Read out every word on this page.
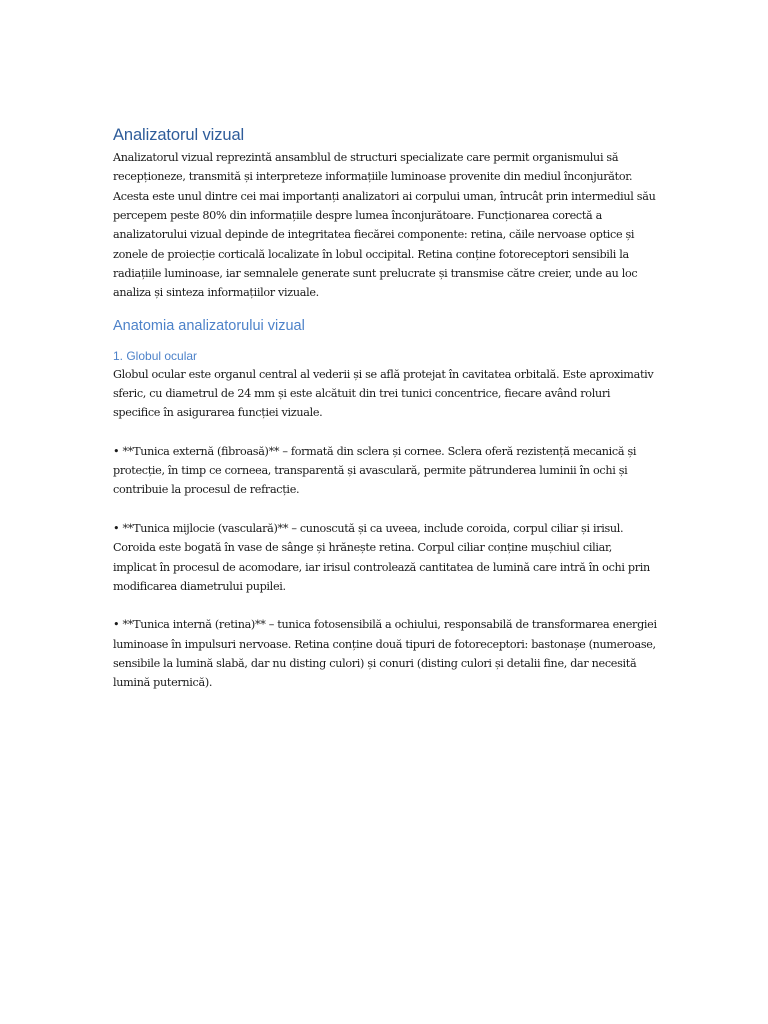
Analizatorul vizual

Analizatorul vizual reprezintă ansamblul de structuri specializate care permit organismului să recepționeze, transmită și interpreteze informațiile luminoase provenite din mediul înconjurător. Acesta este unul dintre cei mai importanți analizatori ai corpului uman, întrucât prin intermediul său percepem peste 80% din informațiile despre lumea înconjurătoare. Funcționarea corectă a analizatorului vizual depinde de integritatea fiecărei componente: retina, căile nervoase optice și zonele de proiecție corticală localizate în lobul occipital. Retina conține fotoreceptori sensibili la radiațiile luminoase, iar semnalele generate sunt prelucrate și transmise către creier, unde au loc analiza și sinteza informațiilor vizuale.

Anatomia analizatorului vizual
1. Globul ocular

Globul ocular este organul central al vederii și se află protejat în cavitatea orbitală. Este aproximativ sferic, cu diametrul de 24 mm și este alcătuit din trei tunici concentrice, fiecare având roluri specifice în asigurarea funcției vizuale.

• **Tunica externă (fibroasă)** – formată din sclera și cornee. Sclera oferă rezistență mecanică și protecție, în timp ce corneea, transparentă și avasculară, permite pătrunderea luminii în ochi și contribuie la procesul de refracție.

• **Tunica mijlocie (vasculară)** – cunoscută și ca uveea, include coroida, corpul ciliar și irisul. Coroida este bogată în vase de sânge și hrănește retina. Corpul ciliar conține mușchiul ciliar, implicat în procesul de acomodare, iar irisul controlează cantitatea de lumină care intră în ochi prin modificarea diametrului pupilei.

• **Tunica internă (retina)** – tunica fotosensibilă a ochiului, responsabilă de transformarea energiei luminoase în impulsuri nervoase. Retina conține două tipuri de fotoreceptori: bastonașe (numeroase, sensibile la lumină slabă, dar nu disting culori) și conuri (disting culori și detalii fine, dar necesită lumină puternică).
